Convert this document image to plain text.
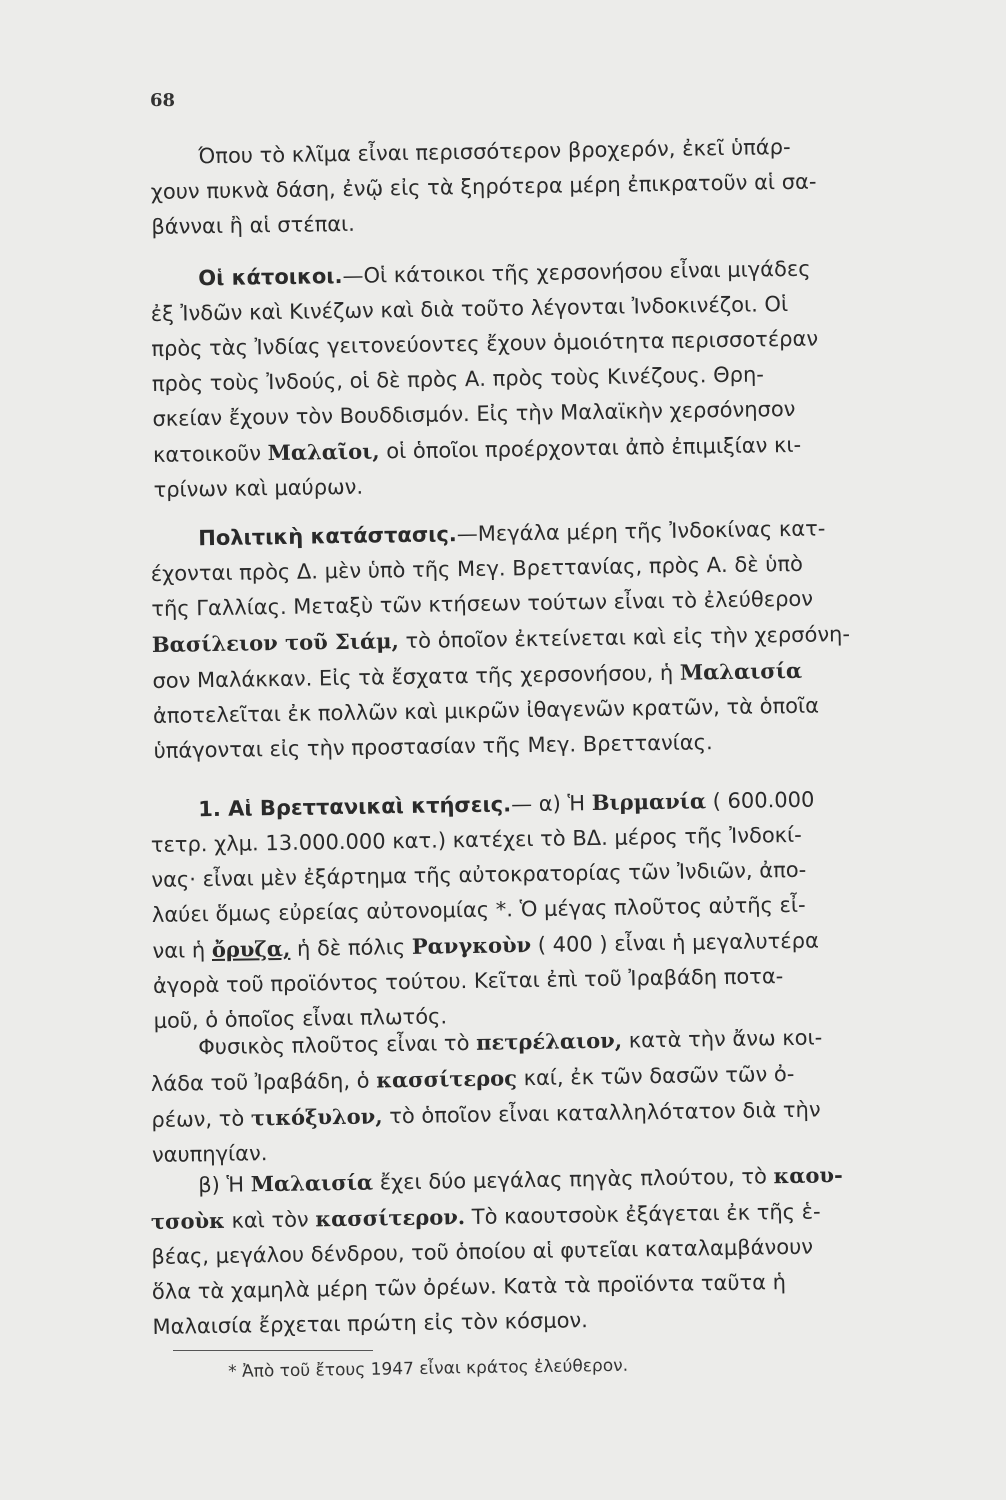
68
Όπου τὸ κλῖμα εἶναι περισσότερον βροχερόν, ἐκεῖ ὑπάρ-
χουν πυκνὰ δάση, ἐνῷ εἰς τὰ ξηρότερα μέρη ἐπικρατοῦν αἱ σα-
βάνναι ἢ αἱ στέπαι.
Οἱ κάτοικοι.—Οἱ κάτοικοι τῆς χερσονήσου εἶναι μιγάδες
ἐξ Ἰνδῶν καὶ Κινέζων καὶ διὰ τοῦτο λέγονται Ἰνδοκινέζοι. Οἱ
πρὸς τὰς Ἰνδίας γειτονεύοντες ἔχουν ὁμοιότητα περισσοτέραν
πρὸς τοὺς Ἰνδούς, οἱ δὲ πρὸς Α. πρὸς τοὺς Κινέζους. Θρη-
σκείαν ἔχουν τὸν Βουδδισμόν. Εἰς τὴν Μαλαϊκὴν χερσόνησον
κατοικοῦν Μαλαῖοι, οἱ ὁποῖοι προέρχονται ἀπὸ ἐπιμιξίαν κι-
τρίνων καὶ μαύρων.
Πολιτικὴ κατάστασις.—Μεγάλα μέρη τῆς Ἰνδοκίνας κατ-
έχονται πρὸς Δ. μὲν ὑπὸ τῆς Μεγ. Βρεττανίας, πρὸς Α. δὲ ὑπὸ
τῆς Γαλλίας. Μεταξὺ τῶν κτήσεων τούτων εἶναι τὸ ἐλεύθερον
Βασίλειον τοῦ Σιάμ, τὸ ὁποῖον ἐκτείνεται καὶ εἰς τὴν χερσόνη-
σον Μαλάκκαν. Εἰς τὰ ἔσχατα τῆς χερσονήσου, ἡ Μαλαισία
ἀποτελεῖται ἐκ πολλῶν καὶ μικρῶν ἰθαγενῶν κρατῶν, τὰ ὁποῖα
ὑπάγονται εἰς τὴν προστασίαν τῆς Μεγ. Βρεττανίας.
1. Αἱ Βρεττανικαὶ κτήσεις.— α) Ἡ Βιρμανία ( 600.000
τετρ. χλμ. 13.000.000 κατ.) κατέχει τὸ ΒΔ. μέρος τῆς Ἰνδοκί-
νας· εἶναι μὲν ἐξάρτημα τῆς αὐτοκρατορίας τῶν Ἰνδιῶν, ἀπο-
λαύει ὅμως εὐρείας αὐτονομίας *. Ὁ μέγας πλοῦτος αὐτῆς εἶ-
ναι ἡ ὄρυζα, ἡ δὲ πόλις Ρανγκοὺν ( 400 ) εἶναι ἡ μεγαλυτέρα
ἀγορὰ τοῦ προϊόντος τούτου. Κεῖται ἐπὶ τοῦ Ἰραβάδη ποτα-
μοῦ, ὁ ὁποῖος εἶναι πλωτός.
Φυσικὸς πλοῦτος εἶναι τὸ πετρέλαιον, κατὰ τὴν ἄνω κοι-
λάδα τοῦ Ἰραβάδη, ὁ κασσίτερος καί, ἐκ τῶν δασῶν τῶν ὀ-
ρέων, τὸ τικόξυλον, τὸ ὁποῖον εἶναι καταλληλότατον διὰ τὴν
ναυπηγίαν.
β) Ἡ Μαλαισία ἔχει δύο μεγάλας πηγὰς πλούτου, τὸ καου-
τσοὺκ καὶ τὸν κασσίτερον. Τὸ καουτσοὺκ ἐξάγεται ἐκ τῆς ἑ-
βέας, μεγάλου δένδρου, τοῦ ὁποίου αἱ φυτεῖαι καταλαμβάνουν
ὅλα τὰ χαμηλὰ μέρη τῶν ὀρέων. Κατὰ τὰ προϊόντα ταῦτα ἡ
Μαλαισία ἔρχεται πρώτη εἰς τὸν κόσμον.
* Ἀπὸ τοῦ ἔτους 1947 εἶναι κράτος ἐλεύθερον.
